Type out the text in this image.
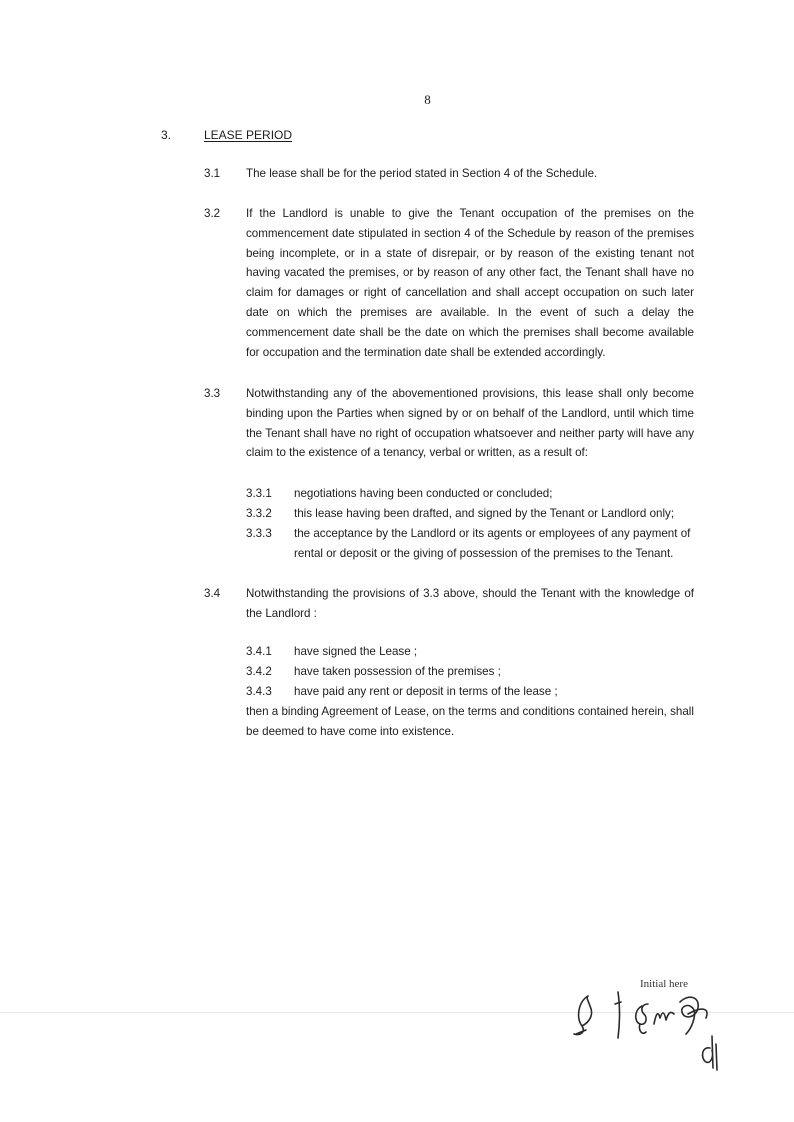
8
3.	LEASE PERIOD
3.1 The lease shall be for the period stated in Section 4 of the Schedule.
3.2 If the Landlord is unable to give the Tenant occupation of the premises on the commencement date stipulated in section 4 of the Schedule by reason of the premises being incomplete, or in a state of disrepair, or by reason of the existing tenant not having vacated the premises, or by reason of any other fact, the Tenant shall have no claim for damages or right of cancellation and shall accept occupation on such later date on which the premises are available. In the event of such a delay the commencement date shall be the date on which the premises shall become available for occupation and the termination date shall be extended accordingly.
3.3 Notwithstanding any of the abovementioned provisions, this lease shall only become binding upon the Parties when signed by or on behalf of the Landlord, until which time the Tenant shall have no right of occupation whatsoever and neither party will have any claim to the existence of a tenancy, verbal or written, as a result of:
3.3.1 negotiations having been conducted or concluded;
3.3.2 this lease having been drafted, and signed by the Tenant or Landlord only;
3.3.3 the acceptance by the Landlord or its agents or employees of any payment of rental or deposit or the giving of possession of the premises to the Tenant.
3.4 Notwithstanding the provisions of 3.3 above, should the Tenant with the knowledge of the Landlord :
3.4.1 have signed the Lease ;
3.4.2 have taken possession of the premises ;
3.4.3 have paid any rent or deposit in terms of the lease ;
then a binding Agreement of Lease, on the terms and conditions contained herein, shall be deemed to have come into existence.
Initial here
